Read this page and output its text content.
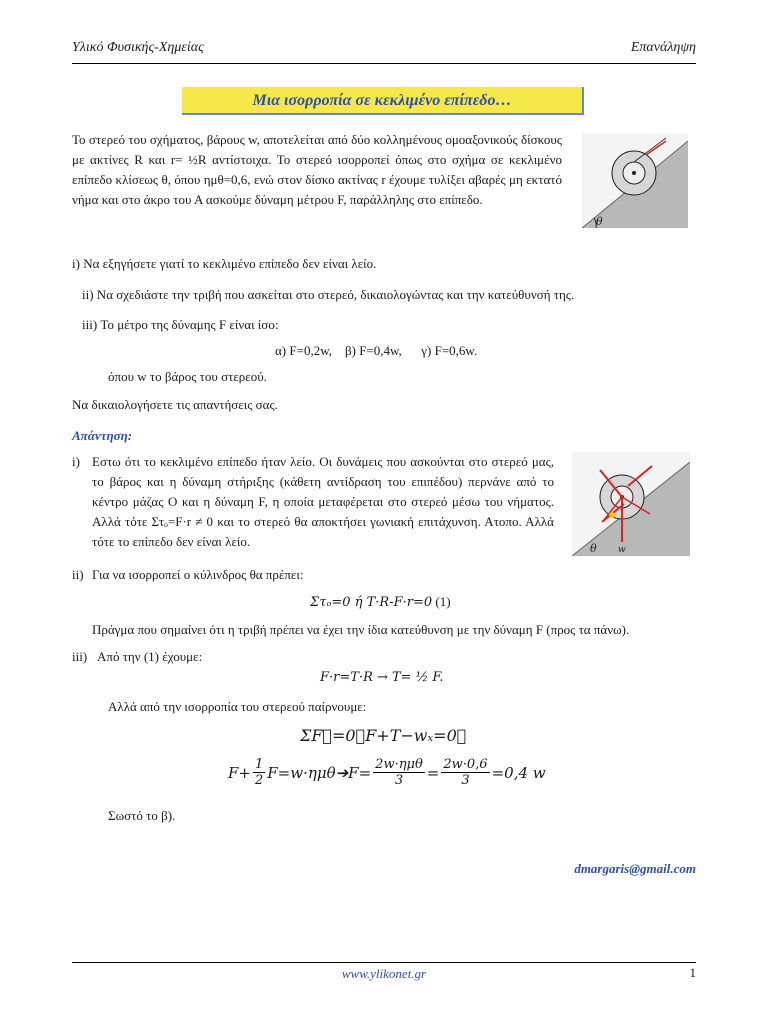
Υλικό Φυσικής-Χημείας	Επανάληψη
Μια ισορροπία σε κεκλιμένο επίπεδο…
Το στερεό του σχήματος, βάρους w, αποτελείται από δύο κολλημένους ομοαξονικούς δίσκους με ακτίνες R και r= ½R αντίστοιχα. Το στερεό ισορροπεί όπως στο σχήμα σε κεκλιμένο επίπεδο κλίσεως θ, όπου ημθ=0,6, ενώ στον δίσκο ακτίνας r έχουμε τυλίξει αβαρές μη εκτατό νήμα και στο άκρο του Α ασκούμε δύναμη μέτρου F, παράλληλης στο επίπεδο.
θ
i) Να εξηγήσετε γιατί το κεκλιμένο επίπεδο δεν είναι λείο.
ii) Να σχεδιάστε την τριβή που ασκείται στο στερεό, δικαιολογώντας και την κατεύθυνσή της.
iii) Το μέτρο της δύναμης F είναι ίσο:
α) F=0,2w,    β) F=0,4w,      γ) F=0,6w.
όπου w το βάρος του στερεού.
Να δικαιολογήσετε τις απαντήσεις σας.
Απάντηση:
i) Εστω ότι το κεκλιμένο επίπεδο ήταν λείο. Οι δυνάμεις που ασκούνται στο στερεό μας, το βάρος και η δύναμη στήριξης (κάθετη αντίδραση του επιπέδου) περνάνε από το κέντρο μάζας Ο και η δύναμη F, η οποία μεταφέρεται στο στερεό μέσω του νήματος. Αλλά τότε Στₒ=F·r ≠ 0 και το στερεό θα αποκτήσει γωνιακή επιτάχυνση. Ατοπο. Αλλά τότε το επίπεδο δεν είναι λείο.
O
θ w
ii) Για να ισορροπεί ο κύλινδρος θα πρέπει:
Στₒ=0 ή T·R-F·r=0 (1)
Πράγμα που σημαίνει ότι η τριβή πρέπει να έχει την ίδια κατεύθυνση με την δύναμη F (προς τα πάνω).
iii) Από την (1) έχουμε:
F·r=T·R → T= ½ F.
Αλλά από την ισορροπία του στερεού παίρνουμε:
ΣF⃗=0➔F+T−wₓ=0➔
$F+ \frac{1}{2}$ F=w·ημθ➔F= 2w·ημθ
$3 = \frac{2w\cdot 0,6}{3} =0,4$ w
Σωστό το β).
dmargaris@gmail.com
www.ylikonet.gr	1
